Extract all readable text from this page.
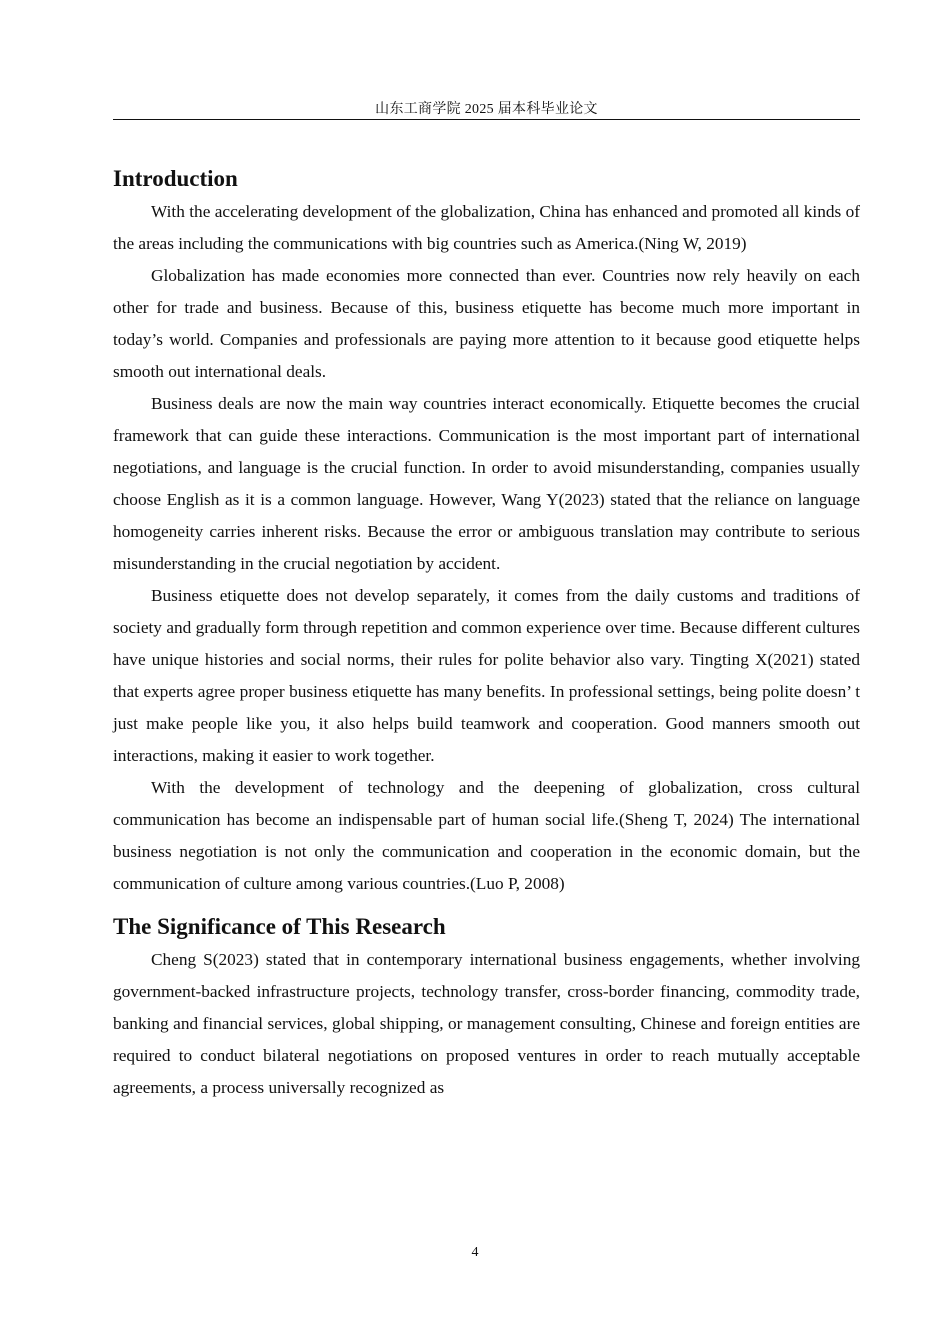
山东工商学院 2025 届本科毕业论文
Introduction

With the accelerating development of the globalization, China has enhanced and promoted all kinds of the areas including the communications with big countries such as America.(Ning W, 2019)

Globalization has made economies more connected than ever. Countries now rely heavily on each other for trade and business. Because of this, business etiquette has become much more important in today’s world. Companies and professionals are paying more attention to it because good etiquette helps smooth out international deals.

Business deals are now the main way countries interact economically. Etiquette becomes the crucial framework that can guide these interactions. Communication is the most important part of international negotiations, and language is the crucial function. In order to avoid misunderstanding, companies usually choose English as it is a common language. However, Wang Y(2023) stated that the reliance on language homogeneity carries inherent risks. Because the error or ambiguous translation may contribute to serious misunderstanding in the crucial negotiation by accident.

Business etiquette does not develop separately, it comes from the daily customs and traditions of society and gradually form through repetition and common experience over time. Because different cultures have unique histories and social norms, their rules for polite behavior also vary. Tingting X(2021) stated that experts agree proper business etiquette has many benefits. In professional settings, being polite doesn’ t just make people like you, it also helps build teamwork and cooperation. Good manners smooth out interactions, making it easier to work together.

With the development of technology and the deepening of globalization, cross cultural communication has become an indispensable part of human social life.(Sheng T, 2024) The international business negotiation is not only the communication and cooperation in the economic domain, but the communication of culture among various countries.(Luo P, 2008)

The Significance of This Research

Cheng S(2023) stated that in contemporary international business engagements, whether involving government-backed infrastructure projects, technology transfer, cross-border financing, commodity trade, banking and financial services, global shipping, or management consulting, Chinese and foreign entities are required to conduct bilateral negotiations on proposed ventures in order to reach mutually acceptable agreements, a process universally recognized as

4
